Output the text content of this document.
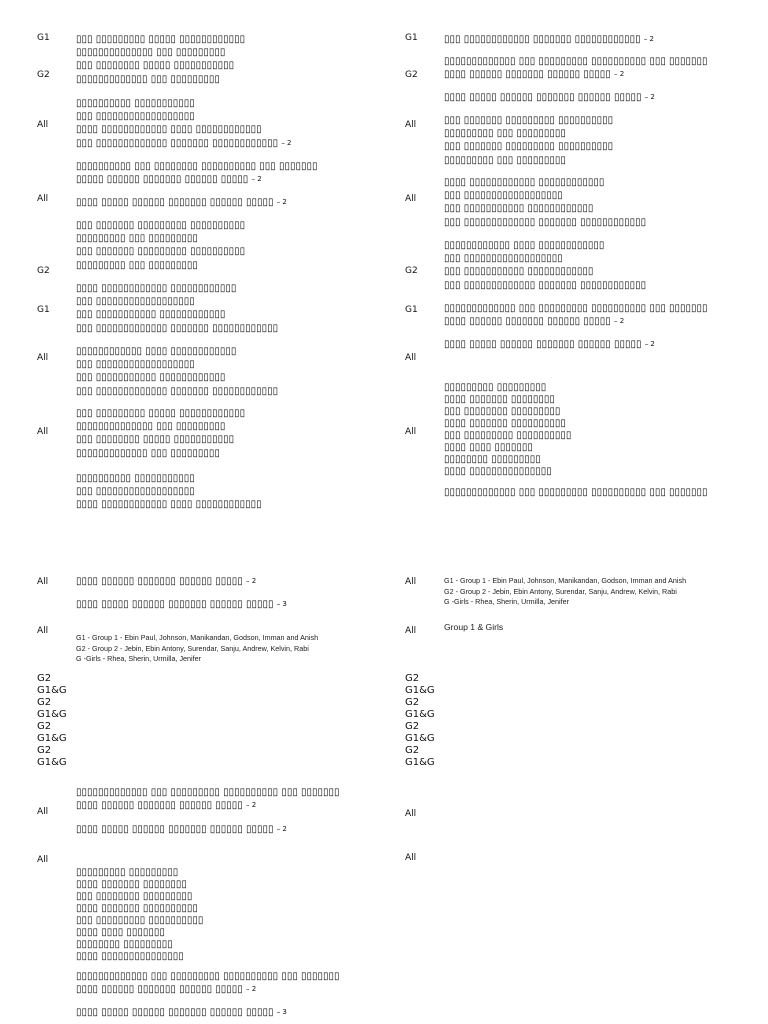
G1
G2
All
All
G2
G1
All
All
▯▯▯ ▯▯▯▯▯▯▯▯▯ ▯▯▯▯▯ ▯▯▯▯▯▯▯▯▯▯▯▯
▯▯▯▯▯▯▯▯▯▯▯▯▯▯ ▯▯▯ ▯▯▯▯▯▯▯▯▯
▯▯▯ ▯▯▯▯▯▯▯▯ ▯▯▯▯▯ ▯▯▯▯▯▯▯▯▯▯▯
▯▯▯▯▯▯▯▯▯▯▯▯▯ ▯▯▯ ▯▯▯▯▯▯▯▯▯
▯▯▯▯▯▯▯▯▯▯ ▯▯▯▯▯▯▯▯▯▯▯
▯▯▯ ▯▯▯▯▯▯▯▯▯▯▯▯▯▯▯▯▯▯
▯▯▯▯ ▯▯▯▯▯▯▯▯▯▯▯▯ ▯▯▯▯ ▯▯▯▯▯▯▯▯▯▯▯▯
▯▯▯ ▯▯▯▯▯▯▯▯▯▯▯▯▯ ▯▯▯▯▯▯▯ ▯▯▯▯▯▯▯▯▯▯▯▯ – 2
▯▯▯▯▯▯▯▯▯▯ ▯▯▯ ▯▯▯▯▯▯▯▯ ▯▯▯▯▯▯▯▯▯▯ ▯▯▯ ▯▯▯▯▯▯▯
▯▯▯▯▯ ▯▯▯▯▯▯ ▯▯▯▯▯▯▯ ▯▯▯▯▯▯ ▯▯▯▯▯ – 2
▯▯▯▯ ▯▯▯▯▯ ▯▯▯▯▯▯ ▯▯▯▯▯▯▯ ▯▯▯▯▯▯ ▯▯▯▯▯ – 2
▯▯▯ ▯▯▯▯▯▯▯ ▯▯▯▯▯▯▯▯▯ ▯▯▯▯▯▯▯▯▯▯
▯▯▯▯▯▯▯▯▯ ▯▯▯ ▯▯▯▯▯▯▯▯▯
▯▯▯ ▯▯▯▯▯▯▯ ▯▯▯▯▯▯▯▯▯ ▯▯▯▯▯▯▯▯▯▯
▯▯▯▯▯▯▯▯▯ ▯▯▯ ▯▯▯▯▯▯▯▯▯
▯▯▯▯ ▯▯▯▯▯▯▯▯▯▯▯▯ ▯▯▯▯▯▯▯▯▯▯▯▯
▯▯▯ ▯▯▯▯▯▯▯▯▯▯▯▯▯▯▯▯▯▯
▯▯▯ ▯▯▯▯▯▯▯▯▯▯▯ ▯▯▯▯▯▯▯▯▯▯▯▯
▯▯▯ ▯▯▯▯▯▯▯▯▯▯▯▯▯ ▯▯▯▯▯▯▯ ▯▯▯▯▯▯▯▯▯▯▯▯
▯▯▯▯▯▯▯▯▯▯▯▯ ▯▯▯▯ ▯▯▯▯▯▯▯▯▯▯▯▯
▯▯▯ ▯▯▯▯▯▯▯▯▯▯▯▯▯▯▯▯▯▯
▯▯▯ ▯▯▯▯▯▯▯▯▯▯▯ ▯▯▯▯▯▯▯▯▯▯▯▯
▯▯▯ ▯▯▯▯▯▯▯▯▯▯▯▯▯ ▯▯▯▯▯▯▯ ▯▯▯▯▯▯▯▯▯▯▯▯
▯▯▯ ▯▯▯▯▯▯▯▯▯ ▯▯▯▯▯ ▯▯▯▯▯▯▯▯▯▯▯▯
▯▯▯▯▯▯▯▯▯▯▯▯▯▯ ▯▯▯ ▯▯▯▯▯▯▯▯▯
▯▯▯ ▯▯▯▯▯▯▯▯ ▯▯▯▯▯ ▯▯▯▯▯▯▯▯▯▯▯
▯▯▯▯▯▯▯▯▯▯▯▯▯ ▯▯▯ ▯▯▯▯▯▯▯▯▯
▯▯▯▯▯▯▯▯▯▯ ▯▯▯▯▯▯▯▯▯▯▯
▯▯▯ ▯▯▯▯▯▯▯▯▯▯▯▯▯▯▯▯▯▯
▯▯▯▯ ▯▯▯▯▯▯▯▯▯▯▯▯ ▯▯▯▯ ▯▯▯▯▯▯▯▯▯▯▯▯
G1
G2
All
All
G2
G1
All
All
▯▯▯ ▯▯▯▯▯▯▯▯▯▯▯▯ ▯▯▯▯▯▯▯ ▯▯▯▯▯▯▯▯▯▯▯▯ – 2
▯▯▯▯▯▯▯▯▯▯▯▯▯ ▯▯▯ ▯▯▯▯▯▯▯▯▯ ▯▯▯▯▯▯▯▯▯▯ ▯▯▯ ▯▯▯▯▯▯▯
▯▯▯▯ ▯▯▯▯▯▯ ▯▯▯▯▯▯▯ ▯▯▯▯▯▯ ▯▯▯▯▯ – 2
▯▯▯▯ ▯▯▯▯▯ ▯▯▯▯▯▯ ▯▯▯▯▯▯▯ ▯▯▯▯▯▯ ▯▯▯▯▯ – 2
▯▯▯ ▯▯▯▯▯▯▯ ▯▯▯▯▯▯▯▯▯ ▯▯▯▯▯▯▯▯▯▯
▯▯▯▯▯▯▯▯▯ ▯▯▯ ▯▯▯▯▯▯▯▯▯
▯▯▯ ▯▯▯▯▯▯▯ ▯▯▯▯▯▯▯▯▯ ▯▯▯▯▯▯▯▯▯▯
▯▯▯▯▯▯▯▯▯ ▯▯▯ ▯▯▯▯▯▯▯▯▯
▯▯▯▯ ▯▯▯▯▯▯▯▯▯▯▯▯ ▯▯▯▯▯▯▯▯▯▯▯▯
▯▯▯ ▯▯▯▯▯▯▯▯▯▯▯▯▯▯▯▯▯▯
▯▯▯ ▯▯▯▯▯▯▯▯▯▯▯ ▯▯▯▯▯▯▯▯▯▯▯▯
▯▯▯ ▯▯▯▯▯▯▯▯▯▯▯▯▯ ▯▯▯▯▯▯▯ ▯▯▯▯▯▯▯▯▯▯▯▯
▯▯▯▯▯▯▯▯▯▯▯▯ ▯▯▯▯ ▯▯▯▯▯▯▯▯▯▯▯▯
▯▯▯ ▯▯▯▯▯▯▯▯▯▯▯▯▯▯▯▯▯▯
▯▯▯ ▯▯▯▯▯▯▯▯▯▯▯ ▯▯▯▯▯▯▯▯▯▯▯▯
▯▯▯ ▯▯▯▯▯▯▯▯▯▯▯▯▯ ▯▯▯▯▯▯▯ ▯▯▯▯▯▯▯▯▯▯▯▯
▯▯▯▯▯▯▯▯▯▯▯▯▯ ▯▯▯ ▯▯▯▯▯▯▯▯▯ ▯▯▯▯▯▯▯▯▯▯ ▯▯▯ ▯▯▯▯▯▯▯
▯▯▯▯ ▯▯▯▯▯▯ ▯▯▯▯▯▯▯ ▯▯▯▯▯▯ ▯▯▯▯▯ – 2
▯▯▯▯ ▯▯▯▯▯ ▯▯▯▯▯▯ ▯▯▯▯▯▯▯ ▯▯▯▯▯▯ ▯▯▯▯▯ – 2
▯▯▯▯▯▯▯▯▯ ▯▯▯▯▯▯▯▯▯
▯▯▯▯ ▯▯▯▯▯▯▯ ▯▯▯▯▯▯▯▯
▯▯▯ ▯▯▯▯▯▯▯▯ ▯▯▯▯▯▯▯▯▯
▯▯▯▯ ▯▯▯▯▯▯▯ ▯▯▯▯▯▯▯▯▯▯
▯▯▯ ▯▯▯▯▯▯▯▯▯ ▯▯▯▯▯▯▯▯▯▯
▯▯▯▯ ▯▯▯▯ ▯▯▯▯▯▯▯
▯▯▯▯▯▯▯▯ ▯▯▯▯▯▯▯▯▯
▯▯▯▯ ▯▯▯▯▯▯▯▯▯▯▯▯▯▯▯
▯▯▯▯▯▯▯▯▯▯▯▯▯ ▯▯▯ ▯▯▯▯▯▯▯▯▯ ▯▯▯▯▯▯▯▯▯▯ ▯▯▯ ▯▯▯▯▯▯▯
All
All
▯▯▯▯ ▯▯▯▯▯▯ ▯▯▯▯▯▯▯ ▯▯▯▯▯▯ ▯▯▯▯▯ – 2
▯▯▯▯ ▯▯▯▯▯ ▯▯▯▯▯▯ ▯▯▯▯▯▯▯ ▯▯▯▯▯▯ ▯▯▯▯▯ – 3
G1 - Group 1 - Ebin Paul, Johnson, Manikandan, Godson, Imman and Anish
G2 - Group 2 - Jebin, Ebin Antony, Surendar, Sanju, Andrew, Kelvin, Rabi
G -Girls - Rhea, Sherin, Urmilla, Jenifer
G2
G1&G
G2
G1&G
G2
G1&G
G2
G1&G
All
All
▯▯▯▯▯▯▯▯▯▯▯▯▯ ▯▯▯ ▯▯▯▯▯▯▯▯▯ ▯▯▯▯▯▯▯▯▯▯ ▯▯▯ ▯▯▯▯▯▯▯
▯▯▯▯ ▯▯▯▯▯▯ ▯▯▯▯▯▯▯ ▯▯▯▯▯▯ ▯▯▯▯▯ – 2
▯▯▯▯ ▯▯▯▯▯ ▯▯▯▯▯▯ ▯▯▯▯▯▯▯ ▯▯▯▯▯▯ ▯▯▯▯▯ – 2
▯▯▯▯▯▯▯▯▯ ▯▯▯▯▯▯▯▯▯
▯▯▯▯ ▯▯▯▯▯▯▯ ▯▯▯▯▯▯▯▯
▯▯▯ ▯▯▯▯▯▯▯▯ ▯▯▯▯▯▯▯▯▯
▯▯▯▯ ▯▯▯▯▯▯▯ ▯▯▯▯▯▯▯▯▯▯
▯▯▯ ▯▯▯▯▯▯▯▯▯ ▯▯▯▯▯▯▯▯▯▯
▯▯▯▯ ▯▯▯▯ ▯▯▯▯▯▯▯
▯▯▯▯▯▯▯▯ ▯▯▯▯▯▯▯▯▯
▯▯▯▯ ▯▯▯▯▯▯▯▯▯▯▯▯▯▯▯
▯▯▯▯▯▯▯▯▯▯▯▯▯ ▯▯▯ ▯▯▯▯▯▯▯▯▯ ▯▯▯▯▯▯▯▯▯▯ ▯▯▯ ▯▯▯▯▯▯▯
▯▯▯▯ ▯▯▯▯▯▯ ▯▯▯▯▯▯▯ ▯▯▯▯▯▯ ▯▯▯▯▯ – 2
▯▯▯▯ ▯▯▯▯▯ ▯▯▯▯▯▯ ▯▯▯▯▯▯▯ ▯▯▯▯▯▯ ▯▯▯▯▯ – 3
All
All
G1 - Group 1 - Ebin Paul, Johnson, Manikandan, Godson, Imman and Anish
G2 - Group 2 - Jebin, Ebin Antony, Surendar, Sanju, Andrew, Kelvin, Rabi
G -Girls - Rhea, Sherin, Urmilla, Jenifer
Group 1 & Girls
G2
G1&G
G2
G1&G
G2
G1&G
G2
G1&G
All
All
